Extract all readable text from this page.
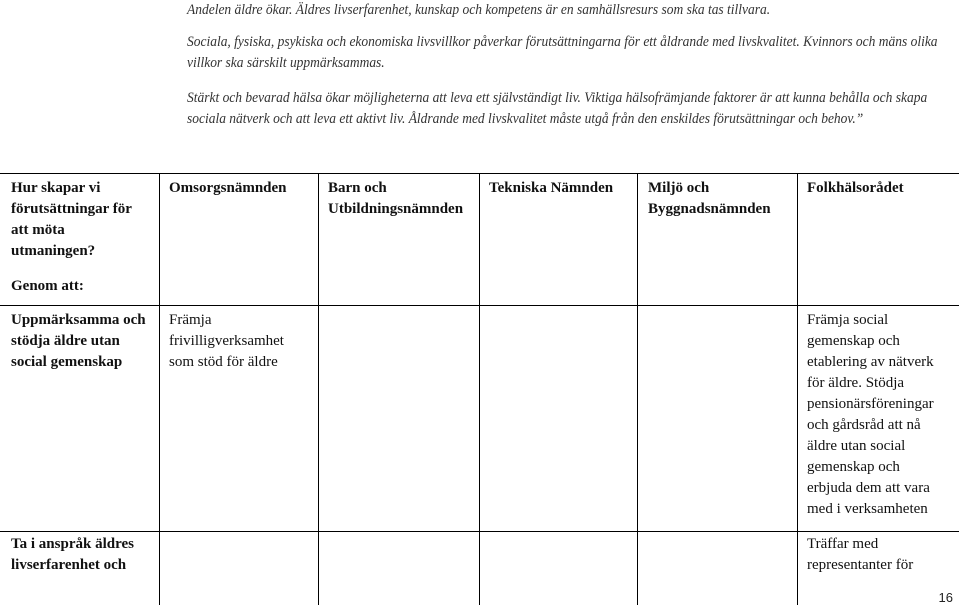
Andelen äldre ökar. Äldres livserfarenhet, kunskap och kompetens är en samhällsresurs som ska tas tillvara.

Sociala, fysiska, psykiska och ekonomiska livsvillkor påverkar förutsättningarna för ett åldrande med livskvalitet. Kvinnors och mäns olika

villkor ska särskilt uppmärksammas.

Stärkt och bevarad hälsa ökar möjligheterna att leva ett självständigt liv. Viktiga hälsofrämjande faktorer är att kunna behålla och skapa

sociala nätverk och att leva ett aktivt liv. Åldrande med livskvalitet måste utgå från den enskildes förutsättningar och behov.”

Hur skapar vi
förutsättningar för
att möta
utmaningen?
Omsorgsnämnden	Barn och
Utbildningsnämnden
Tekniska Nämnden	Miljö och
Byggnadsnämnden
Folkhälsorådet
Genom att:
Uppmärksamma och
stödja äldre utan
social gemenskap
Främja
frivilligverksamhet
som stöd för äldre
Främja social
gemenskap och
etablering av nätverk
för äldre. Stödja
pensionärsföreningar
och gårdsråd att nå
äldre utan social
gemenskap och
erbjuda dem att vara
med i verksamheten
Ta i anspråk äldres
livserfarenhet och
Träffar med
representanter för
16
